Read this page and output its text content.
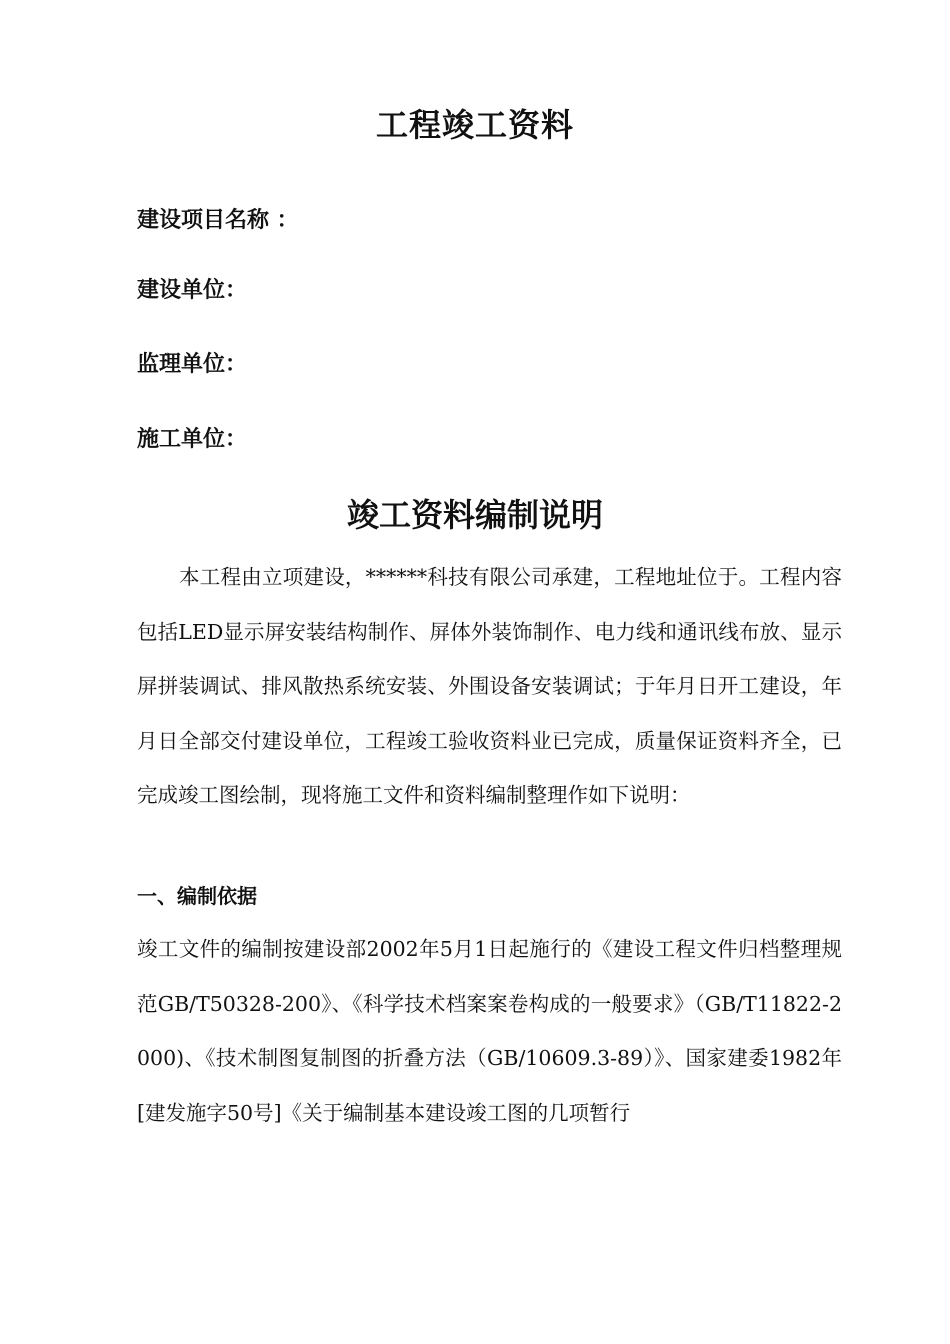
工程竣工资料

建设项目名称 ：

建设单位：

监理单位：

施工单位：

竣工资料编制说明

本工程由立项建设，******科技有限公司承建，工程地址位于。工程内容包括LED显示屏安装结构制作、屏体外装饰制作、电力线和通讯线布放、显示屏拼装调试、排风散热系统安装、外围设备安装调试；于年月日开工建设，年月日全部交付建设单位，工程竣工验收资料业已完成，质量保证资料齐全，已完成竣工图绘制，现将施工文件和资料编制整理作如下说明：

一、编制依据

竣工文件的编制按建设部2002年5月1日起施行的《建设工程文件归档整理规范GB/T50328-200》、《科学技术档案案卷构成的一般要求》（GB/T11822-2000)、《技术制图复制图的折叠方法（GB/10609.3-89）》、国家建委1982年[建发施字50号]《关于编制基本建设竣工图的几项暂行
